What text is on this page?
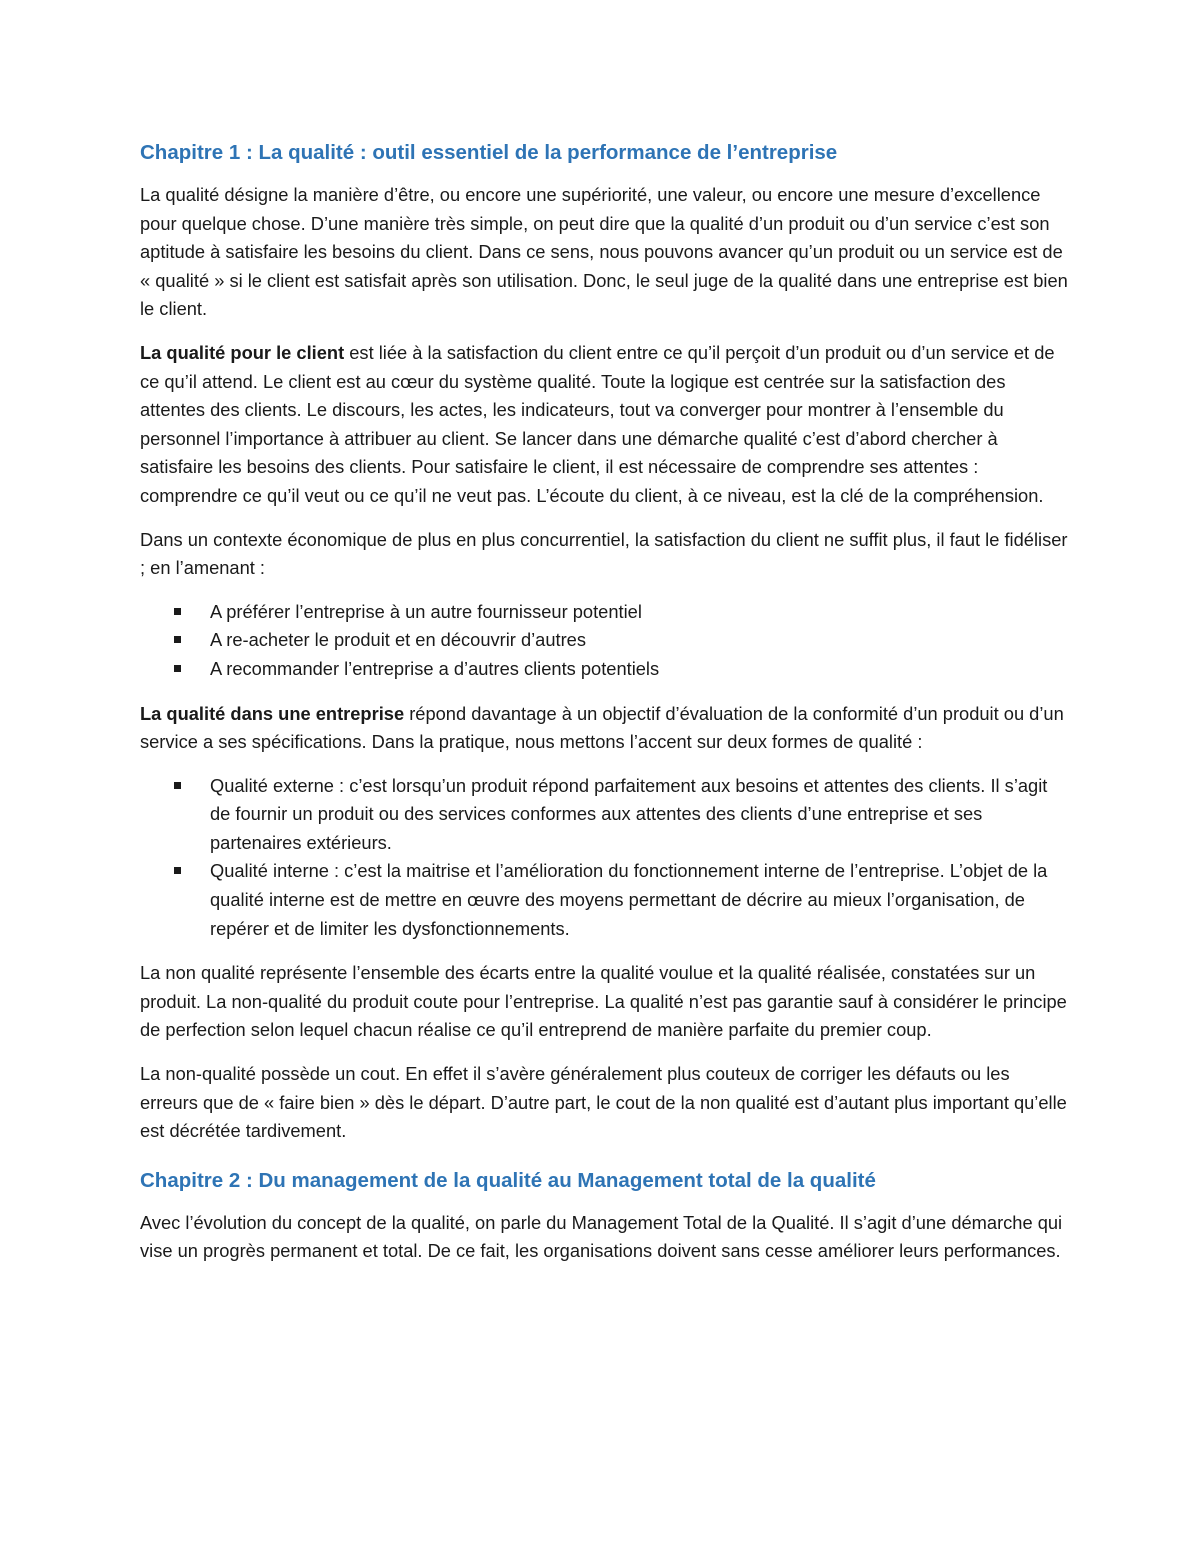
Chapitre 1 : La qualité : outil essentiel de la performance de l’entreprise

La qualité désigne la manière d’être, ou encore une supériorité, une valeur, ou encore une mesure d’excellence pour quelque chose. D’une manière très simple, on peut dire que la qualité d’un produit ou d’un service c’est son aptitude à satisfaire les besoins du client. Dans ce sens, nous pouvons avancer qu’un produit ou un service est de « qualité » si le client est satisfait après son utilisation. Donc, le seul juge de la qualité dans une entreprise est bien le client.

La qualité pour le client est liée à la satisfaction du client entre ce qu’il perçoit d’un produit ou d’un service et de ce qu’il attend. Le client est au cœur du système qualité. Toute la logique est centrée sur la satisfaction des attentes des clients. Le discours, les actes, les indicateurs, tout va converger pour montrer à l’ensemble du personnel l’importance à attribuer au client. Se lancer dans une démarche qualité c’est d’abord chercher à satisfaire les besoins des clients. Pour satisfaire le client, il est nécessaire de comprendre ses attentes : comprendre ce qu’il veut ou ce qu’il ne veut pas. L’écoute du client, à ce niveau, est la clé de la compréhension.

Dans un contexte économique de plus en plus concurrentiel, la satisfaction du client ne suffit plus, il faut le fidéliser ; en l’amenant :

A préférer l’entreprise à un autre fournisseur potentiel
A re-acheter le produit et en découvrir d’autres
A recommander l’entreprise a d’autres clients potentiels

La qualité dans une entreprise répond davantage à un objectif d’évaluation de la conformité d’un produit ou d’un service a ses spécifications. Dans la pratique, nous mettons l’accent sur deux formes de qualité :

Qualité externe : c’est lorsqu’un produit répond parfaitement aux besoins et attentes des clients. Il s’agit de fournir un produit ou des services conformes aux attentes des clients d’une entreprise et ses partenaires extérieurs.
Qualité interne : c’est la maitrise et l’amélioration du fonctionnement interne de l’entreprise. L’objet de la qualité interne est de mettre en œuvre des moyens permettant de décrire au mieux l’organisation, de repérer et de limiter les dysfonctionnements.

La non qualité représente l’ensemble des écarts entre la qualité voulue et la qualité réalisée, constatées sur un produit. La non-qualité du produit coute pour l’entreprise. La qualité n’est pas garantie sauf à considérer le principe de perfection selon lequel chacun réalise ce qu’il entreprend de manière parfaite du premier coup.

La non-qualité possède un cout. En effet il s’avère généralement plus couteux de corriger les défauts ou les erreurs que de « faire bien » dès le départ. D’autre part, le cout de la non qualité est d’autant plus important qu’elle est décrétée tardivement.

Chapitre 2 : Du management de la qualité au Management total de la qualité

Avec l’évolution du concept de la qualité, on parle du Management Total de la Qualité. Il s’agit d’une démarche qui vise un progrès permanent et total. De ce fait, les organisations doivent sans cesse améliorer leurs performances.
